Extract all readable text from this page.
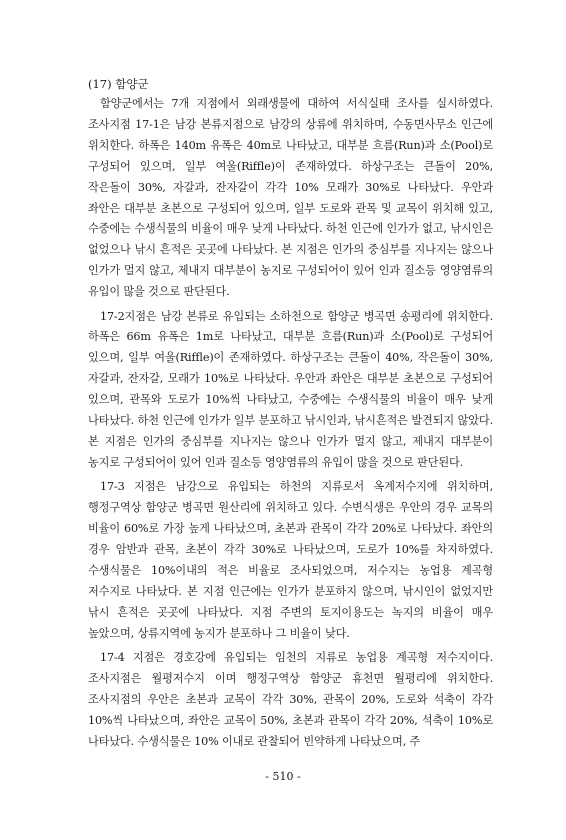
(17) 함양군

함양군에서는 7개 지점에서 외래생물에 대하여 서식실태 조사를 실시하였다. 조사지점 17-1은 남강 본류지점으로 남강의 상류에 위치하며, 수동면사무소 인근에 위치한다. 하폭은 140m 유폭은 40m로 나타났고, 대부분 흐름(Run)과 소(Pool)로 구성되어 있으며, 일부 여울(Riffle)이 존재하였다. 하상구조는 큰돌이 20%, 작은돌이 30%, 자갈과, 잔자갈이 각각 10% 모래가 30%로 나타났다. 우안과 좌안은 대부분 초본으로 구성되어 있으며, 일부 도로와 관목 및 교목이 위치해 있고, 수중에는 수생식물의 비율이 매우 낮게 나타났다. 하천 인근에 인가가 없고, 낚시인은 없었으나 낚시 흔적은 곳곳에 나타났다. 본 지점은 인가의 중심부를 지나지는 않으나 인가가 멀지 않고, 제내지 대부분이 농지로 구성되어이 있어 인과 질소등 영양염류의 유입이 많을 것으로 판단된다.

17-2지점은 남강 본류로 유입되는 소하천으로 함양군 병곡면 송평리에 위치한다. 하폭은 66m 유폭은 1m로 나타났고, 대부분 흐름(Run)과 소(Pool)로 구성되어 있으며, 일부 여울(Riffle)이 존재하였다. 하상구조는 큰돌이 40%, 작은돌이 30%, 자갈과, 잔자갈, 모래가 10%로 나타났다. 우안과 좌안은 대부분 초본으로 구성되어 있으며, 관목와 도로가 10%씩 나타났고, 수중에는 수생식물의 비율이 매우 낮게 나타났다. 하천 인근에 인가가 일부 분포하고 낚시인과, 낚시흔적은 발견되지 않았다. 본 지점은 인가의 중심부를 지나지는 않으나 인가가 멀지 않고, 제내지 대부분이 농지로 구성되어이 있어 인과 질소등 영양염류의 유입이 많을 것으로 판단된다.

17-3 지점은 남강으로 유입되는 하천의 지류로서 옥계저수지에 위치하며, 행정구역상 함양군 병곡면 원산리에 위치하고 있다. 수변식생은 우안의 경우 교목의 비율이 60%로 가장 높게 나타났으며, 초본과 관목이 각각 20%로 나타났다. 좌안의 경우 암반과 관목, 초본이 각각 30%로 나타났으며, 도로가 10%를 차지하였다. 수생식물은 10%이내의 적은 비율로 조사되었으며, 저수지는 농업용 계곡형 저수지로 나타났다. 본 지점 인근에는 인가가 분포하지 않으며, 낚시인이 없었지만 낚시 흔적은 곳곳에 나타났다. 지점 주변의 토지이용도는 녹지의 비율이 매우 높았으며, 상류지역에 농지가 분포하나 그 비율이 낮다.

17-4 지점은 경호강에 유입되는 임천의 지류로 농업용 계곡형 저수지이다. 조사지점은 월평저수지 이며 행정구역상 함양군 휴천면 월평리에 위치한다. 조사지점의 우안은 초본과 교목이 각각 30%, 관목이 20%, 도로와 석축이 각각 10%씩 나타났으며, 좌안은 교목이 50%, 초본과 관목이 각각 20%, 석축이 10%로 나타났다. 수생식물은 10% 이내로 관찰되어 빈약하게 나타났으며, 주

- 510 -
